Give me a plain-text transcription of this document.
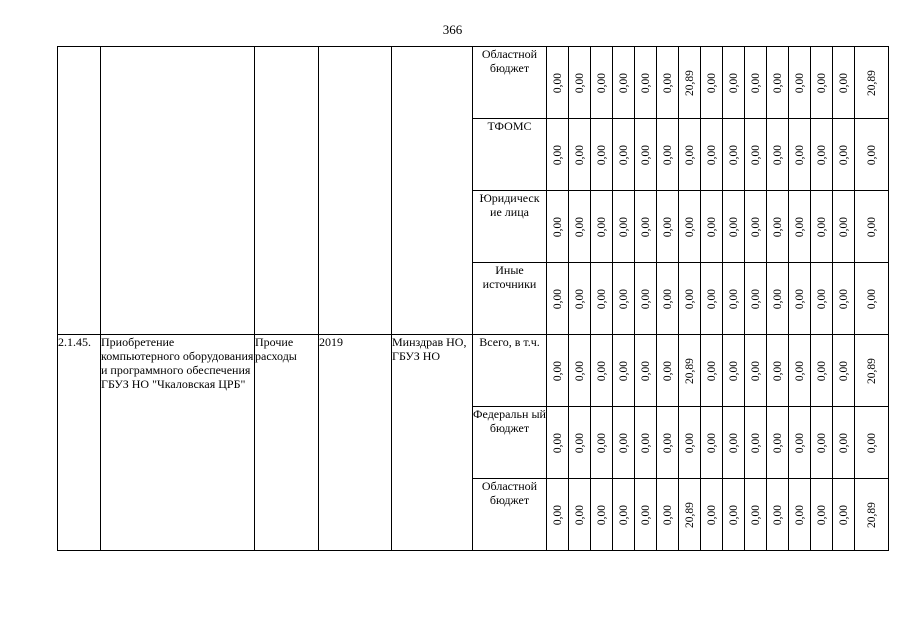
366
					Областной бюджет	0,00	0,00	0,00	0,00	0,00	0,00	20,89	0,00	0,00	0,00	0,00	0,00	0,00	0,00	20,89

					ТФОМС	0,00	0,00	0,00	0,00	0,00	0,00	0,00	0,00	0,00	0,00	0,00	0,00	0,00	0,00	0,00

					Юридическ ие лица	0,00	0,00	0,00	0,00	0,00	0,00	0,00	0,00	0,00	0,00	0,00	0,00	0,00	0,00	0,00

					Иные источники	0,00	0,00	0,00	0,00	0,00	0,00	0,00	0,00	0,00	0,00	0,00	0,00	0,00	0,00	0,00

2.1.45.	Приобретение компьютерного оборудования и программного обеспечения ГБУЗ НО "Чкаловская ЦРБ"	Прочие расходы	2019	Минздрав НО, ГБУЗ НО	Всего, в т.ч.	0,00	0,00	0,00	0,00	0,00	0,00	20,89	0,00	0,00	0,00	0,00	0,00	0,00	0,00	20,89

					Федеральн ый бюджет	0,00	0,00	0,00	0,00	0,00	0,00	0,00	0,00	0,00	0,00	0,00	0,00	0,00	0,00	0,00

					Областной бюджет	0,00	0,00	0,00	0,00	0,00	0,00	20,89	0,00	0,00	0,00	0,00	0,00	0,00	0,00	20,89
